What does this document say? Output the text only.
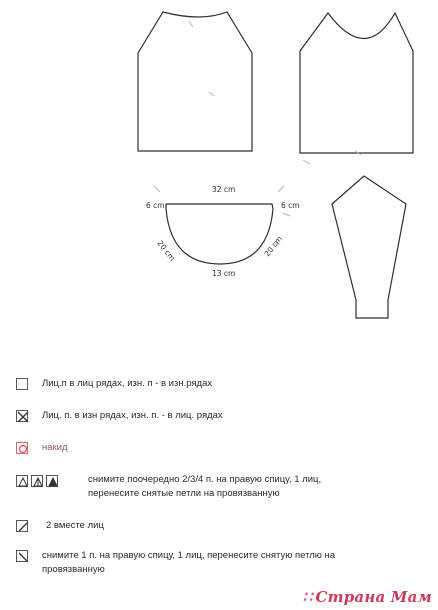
32 cm
6 cm	6 cm
20 cm	20 cm
13 cm
Лиц.п в лиц рядах, изн. п - в изн.рядах
Лиц. п. в изн рядах, изн. п. - в лиц. рядах
накид
снимите поочередно 2/3/4 п. на правую спицу, 1 лиц, перенесите снятые петли на провязванную
2 вместе лиц
снимите 1 п. на правую спицу, 1 лиц, перенесите снятую петлю на провязванную
∷ Страна Мам
